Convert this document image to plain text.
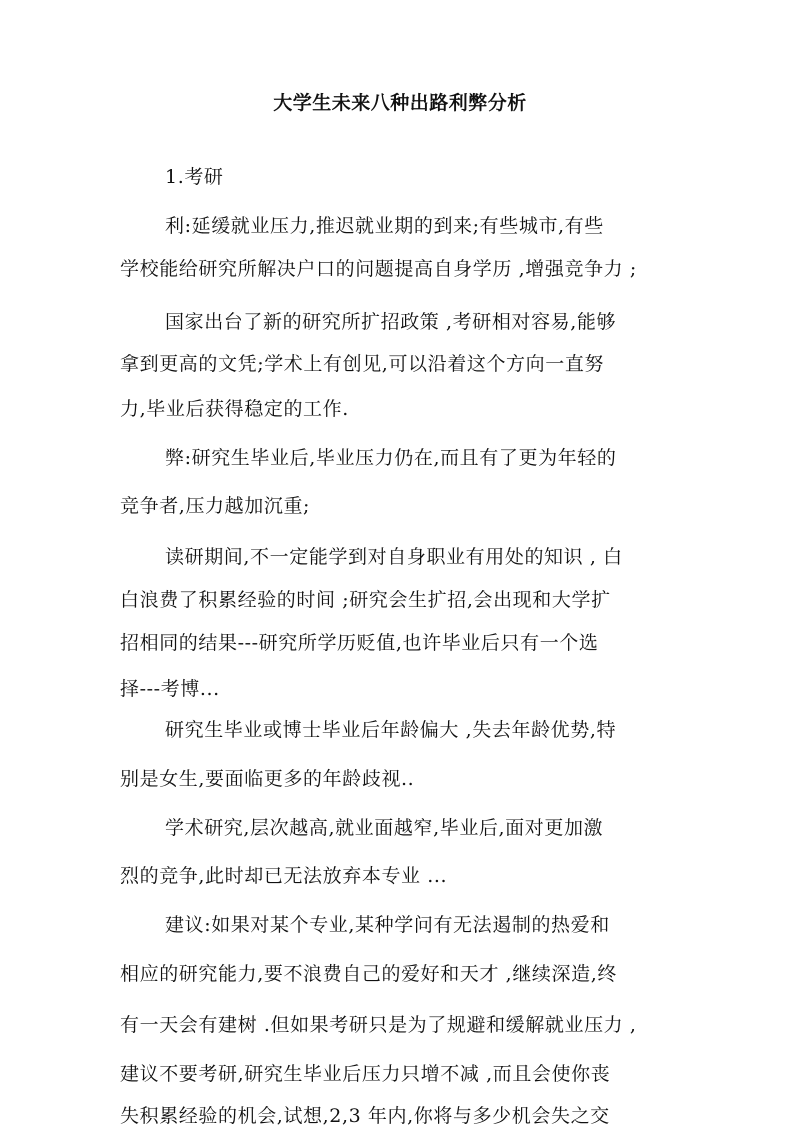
大学生未来八种出路利弊分析
1.考研
利:延缓就业压力,推迟就业期的到来;有些城市,有些
学校能给研究所解决户口的问题提高自身学历 ,增强竞争力 ;
国家出台了新的研究所扩招政策 ,考研相对容易,能够
拿到更高的文凭;学术上有创见,可以沿着这个方向一直努
力,毕业后获得稳定的工作.
弊:研究生毕业后,毕业压力仍在,而且有了更为年轻的
竞争者,压力越加沉重;
读研期间,不一定能学到对自身职业有用处的知识 , 白
白浪费了积累经验的时间 ;研究会生扩招,会出现和大学扩
招相同的结果---研究所学历贬值,也许毕业后只有一个选
择---考博...
研究生毕业或博士毕业后年龄偏大 ,失去年龄优势,特
别是女生,要面临更多的年龄歧视..
学术研究,层次越高,就业面越窄,毕业后,面对更加激
烈的竞争,此时却已无法放弃本专业 ...
建议:如果对某个专业,某种学问有无法遏制的热爱和
相应的研究能力,要不浪费自己的爱好和天才 ,继续深造,终
有一天会有建树 .但如果考研只是为了规避和缓解就业压力 ,
建议不要考研,研究生毕业后压力只增不减 ,而且会使你丧
失积累经验的机会,试想,2,3 年内,你将与多少机会失之交
